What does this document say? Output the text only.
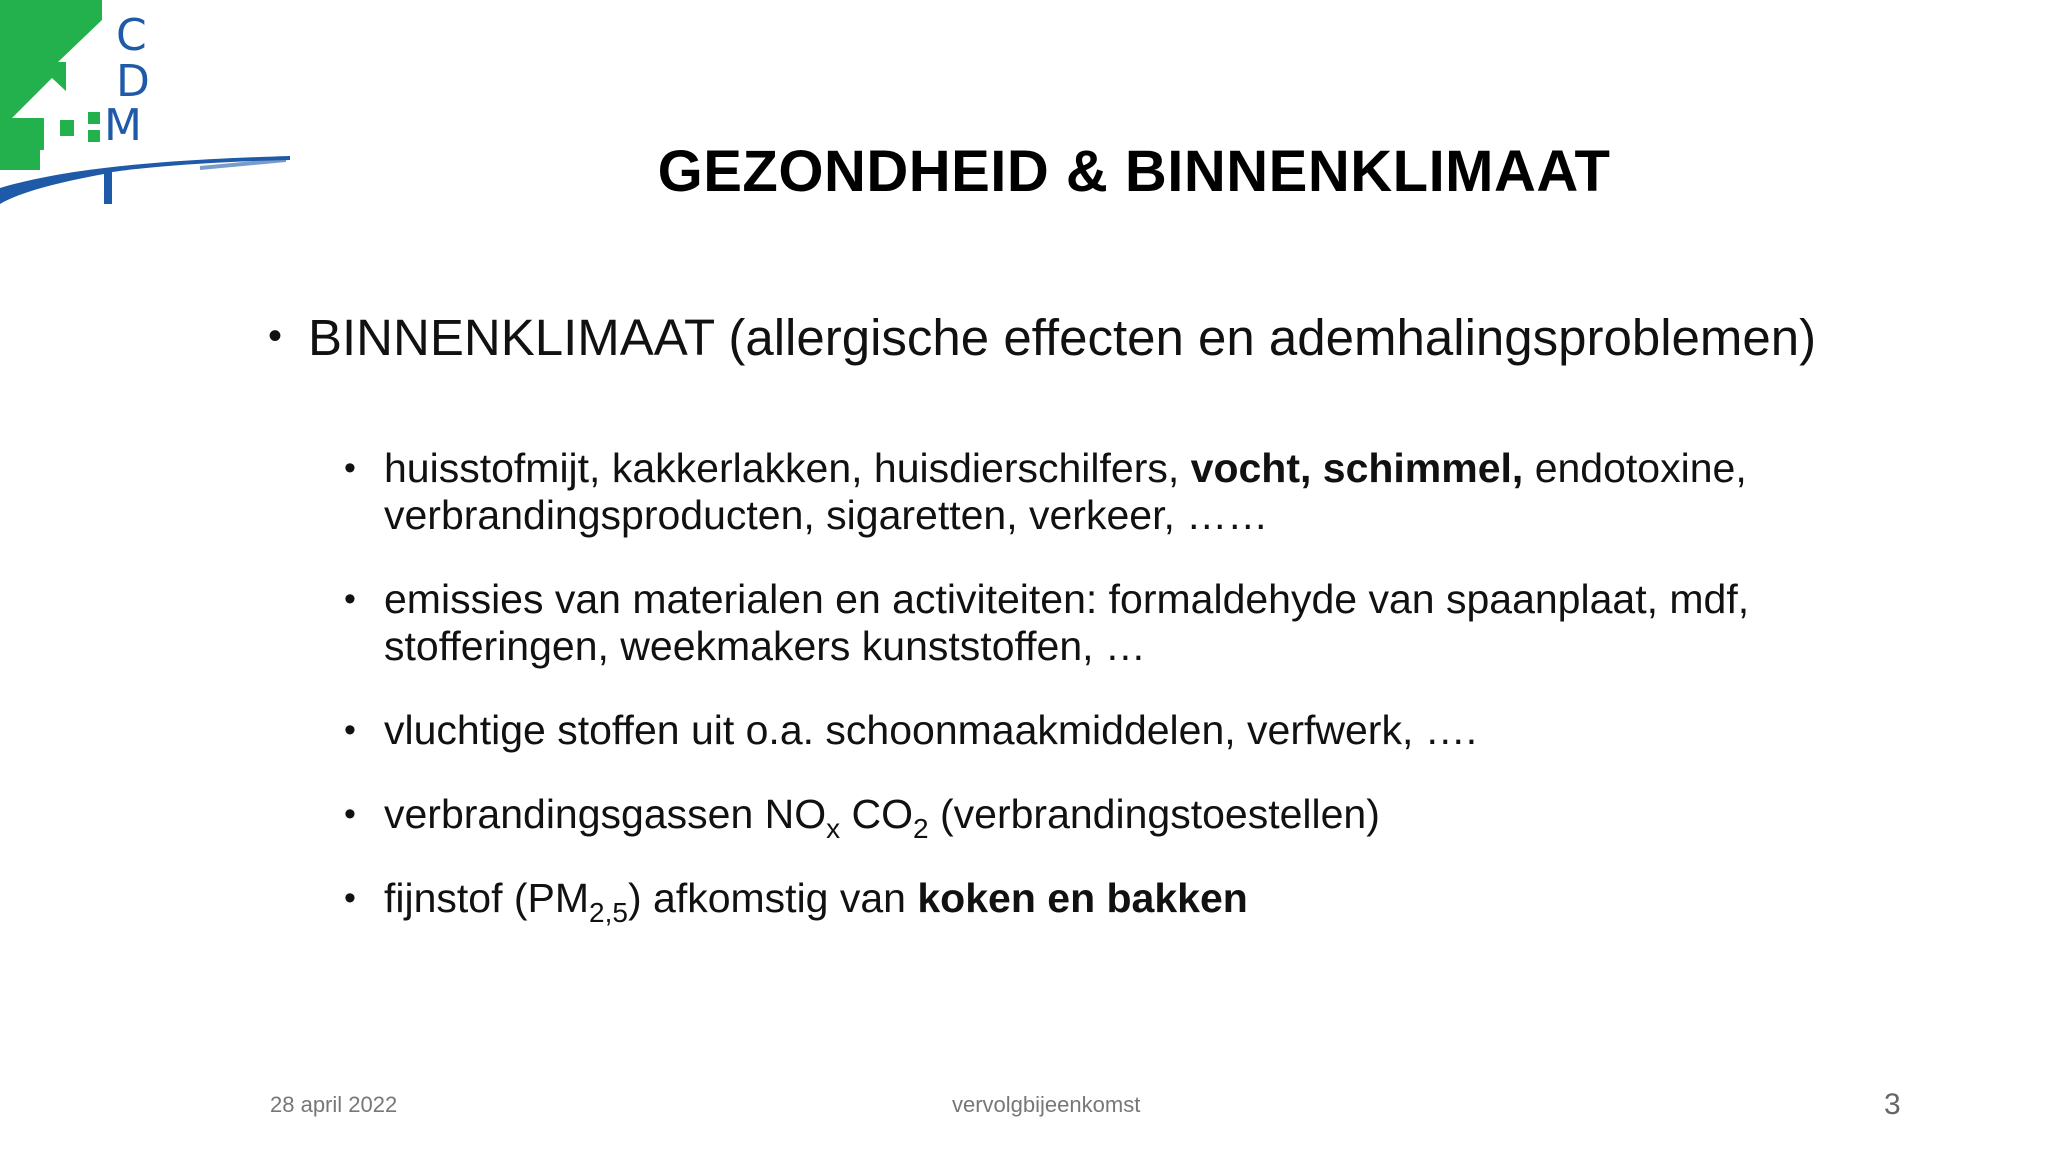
C
D
M
GEZONDHEID & BINNENKLIMAAT
• BINNENKLIMAAT (allergische effecten en ademhalingsproblemen)
• huisstofmijt, kakkerlakken, huisdierschilfers, vocht, schimmel, endotoxine, verbrandingsproducten, sigaretten, verkeer, ……
• emissies van materialen en activiteiten: formaldehyde van spaanplaat, mdf, stofferingen, weekmakers kunststoffen, …
• vluchtige stoffen uit o.a. schoonmaakmiddelen, verfwerk, ….
• verbrandingsgassen $NO_x$ $CO_2$ (verbrandingstoestellen)
• fijnstof $(PM_{2,5})$ afkomstig van koken en bakken
28 april 2022	vervolgbijeenkomst	3
